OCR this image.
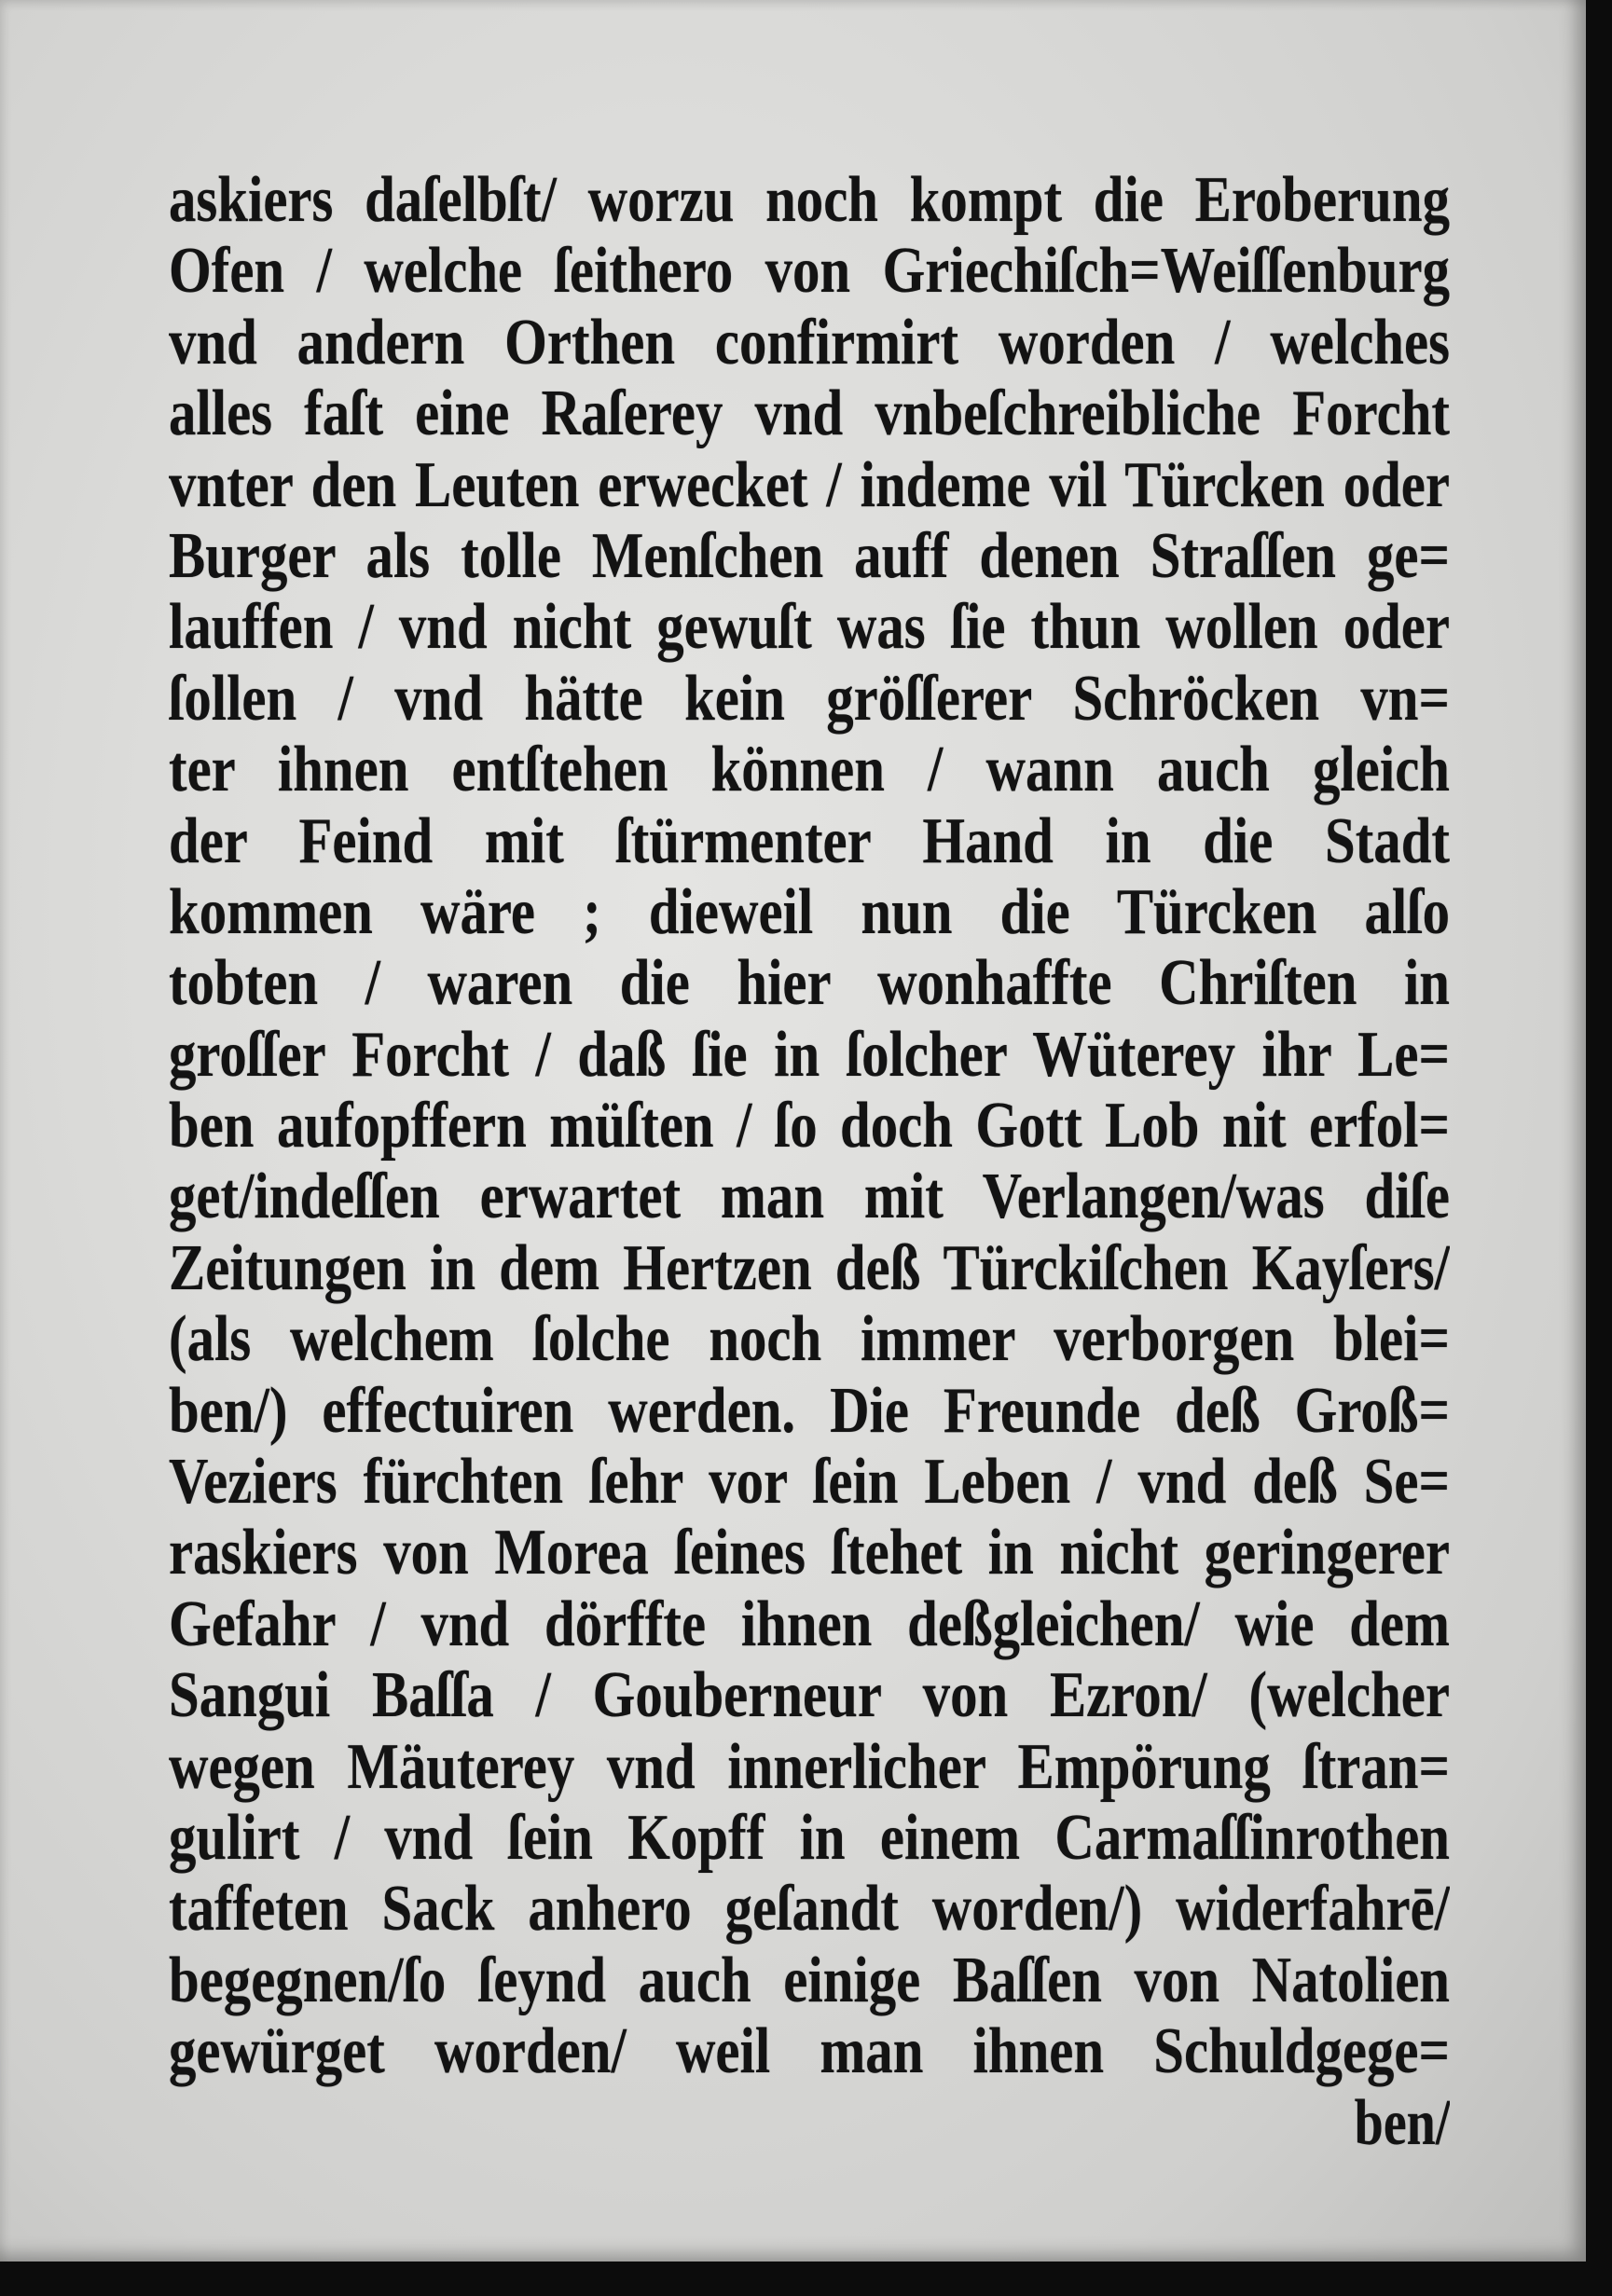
askiers daſelbſt/ worzu noch kompt die Eroberung
Ofen / welche ſeithero von Griechiſch=Weiſſenburg
vnd andern Orthen confirmirt worden / welches
alles faſt eine Raſerey vnd vnbeſchreibliche Forcht
vnter den Leuten erwecket / indeme vil Türcken oder
Burger als tolle Menſchen auff denen Straſſen ge=
lauffen / vnd nicht gewuſt was ſie thun wollen oder
ſollen / vnd hätte kein gröſſerer Schröcken vn=
ter ihnen entſtehen können / wann auch gleich
der Feind mit ſtürmenter Hand in die Stadt
kommen wäre ; dieweil nun die Türcken alſo
tobten / waren die hier wonhaffte Chriſten in
groſſer Forcht / daß ſie in ſolcher Wüterey ihr Le=
ben aufopffern müſten / ſo doch Gott Lob nit erfol=
get/indeſſen erwartet man mit Verlangen/was diſe
Zeitungen in dem Hertzen deß Türckiſchen Kayſers/
(als welchem ſolche noch immer verborgen blei=
ben/) effectuiren werden. Die Freunde deß Groß=
Veziers fürchten ſehr vor ſein Leben / vnd deß Se=
raskiers von Morea ſeines ſtehet in nicht geringerer
Gefahr / vnd dörffte ihnen deßgleichen/ wie dem
Sangui Baſſa / Gouberneur von Ezron/ (welcher
wegen Mäuterey vnd innerlicher Empörung ſtran=
gulirt / vnd ſein Kopff in einem Carmaſſinrothen
taffeten Sack anhero geſandt worden/) widerfahrē/
begegnen/ſo ſeynd auch einige Baſſen von Natolien
gewürget worden/ weil man ihnen Schuldgege=
ben/
